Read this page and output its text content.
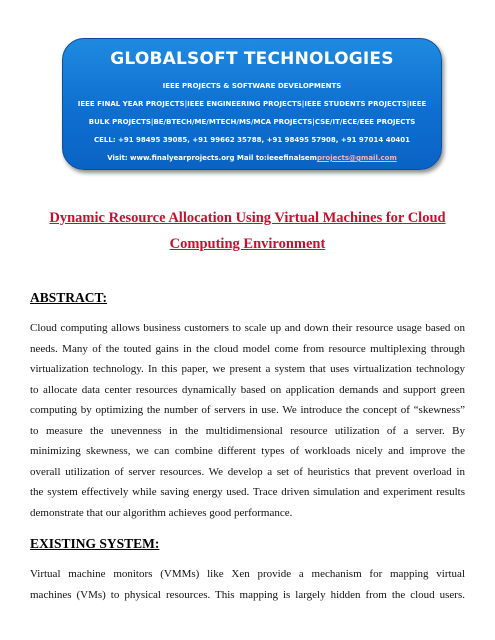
GLOBALSOFT TECHNOLOGIES
IEEE PROJECTS & SOFTWARE DEVELOPMENTS
IEEE FINAL YEAR PROJECTS|IEEE ENGINEERING PROJECTS|IEEE STUDENTS PROJECTS|IEEE
BULK PROJECTS|BE/BTECH/ME/MTECH/MS/MCA PROJECTS|CSE/IT/ECE/EEE PROJECTS
CELL: +91 98495 39085, +91 99662 35788, +91 98495 57908, +91 97014 40401
Visit: www.finalyearprojects.org Mail to:ieeefinalsemprojects@gmail.com
Dynamic Resource Allocation Using Virtual Machines for Cloud
Computing Environment
ABSTRACT:
Cloud computing allows business customers to scale up and down their resource usage based on
needs. Many of the touted gains in the cloud model come from resource multiplexing through
virtualization technology. In this paper, we present a system that uses virtualization technology
to allocate data center resources dynamically based on application demands and support green
computing by optimizing the number of servers in use. We introduce the concept of “skewness”
to measure the unevenness in the multidimensional resource utilization of a server. By
minimizing skewness, we can combine different types of workloads nicely and improve the
overall utilization of server resources. We develop a set of heuristics that prevent overload in
the system effectively while saving energy used. Trace driven simulation and experiment results
demonstrate that our algorithm achieves good performance.
EXISTING SYSTEM:
Virtual machine monitors (VMMs) like Xen provide a mechanism for mapping virtual
machines (VMs) to physical resources. This mapping is largely hidden from the cloud users.
